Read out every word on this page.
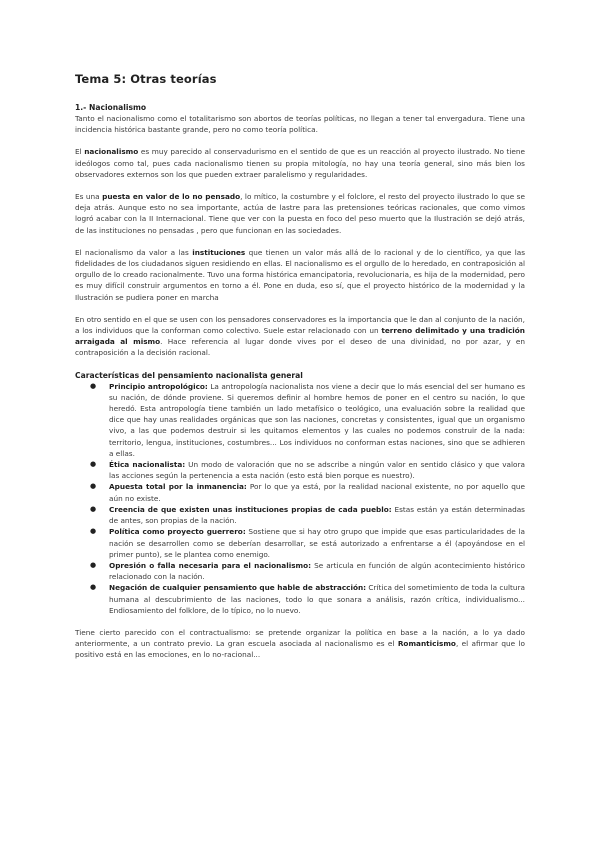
Tema 5: Otras teorías
1.- Nacionalismo

Tanto el nacionalismo como el totalitarismo son abortos de teorías políticas, no llegan a tener tal envergadura. Tiene una incidencia histórica bastante grande, pero no como teoría política.

El nacionalismo es muy parecido al conservadurismo en el sentido de que es un reacción al proyecto ilustrado. No tiene ideólogos como tal, pues cada nacionalismo tienen su propia mitología, no hay una teoría general, sino más bien los observadores externos son los que pueden extraer paralelismo y regularidades.

Es una puesta en valor de lo no pensado, lo mítico, la costumbre y el folclore, el resto del proyecto ilustrado lo que se deja atrás. Aunque esto no sea importante, actúa de lastre para las pretensiones teóricas racionales, que como vimos logró acabar con la II Internacional. Tiene que ver con la puesta en foco del peso muerto que la Ilustración se dejó atrás, de las instituciones no pensadas , pero que funcionan en las sociedades.

El nacionalismo da valor a las instituciones que tienen un valor más allá de lo racional y de lo científico, ya que las fidelidades de los ciudadanos siguen residiendo en ellas. El nacionalismo es el orgullo de lo heredado, en contraposición al orgullo de lo creado racionalmente. Tuvo una forma histórica emancipatoria, revolucionaria, es hija de la modernidad, pero es muy difícil construir argumentos en torno a él. Pone en duda, eso sí, que el proyecto histórico de la modernidad y la Ilustración se pudiera poner en marcha

En otro sentido en el que se usen con los pensadores conservadores es la importancia que le dan al conjunto de la nación, a los individuos que la conforman como colectivo. Suele estar relacionado con un terreno delimitado y una tradición arraigada al mismo. Hace referencia al lugar donde vives por el deseo de una divinidad, no por azar, y en contraposición a la decisión racional.

Características del pensamiento nacionalista general
● Principio antropológico: La antropología nacionalista nos viene a decir que lo más esencial del ser humano es su nación, de dónde proviene. Si queremos definir al hombre hemos de poner en el centro su nación, lo que heredó. Esta antropología tiene también un lado metafísico o teológico, una evaluación sobre la realidad que dice que hay unas realidades orgánicas que son las naciones, concretas y consistentes, igual que un organismo vivo, a las que podemos destruir si les quitamos elementos y las cuales no podemos construir de la nada: territorio, lengua, instituciones, costumbres... Los individuos no conforman estas naciones, sino que se adhieren a ellas.
● Ética nacionalista: Un modo de valoración que no se adscribe a ningún valor en sentido clásico y que valora las acciones según la pertenencia a esta nación (esto está bien porque es nuestro).
● Apuesta total por la inmanencia: Por lo que ya está, por la realidad nacional existente, no por aquello que aún no existe.
● Creencia de que existen unas instituciones propias de cada pueblo: Estas están ya están determinadas de antes, son propias de la nación.
● Política como proyecto guerrero: Sostiene que si hay otro grupo que impide que esas particularidades de la nación se desarrollen como se deberían desarrollar, se está autorizado a enfrentarse a él (apoyándose en el primer punto), se le plantea como enemigo.
● Opresión o falla necesaria para el nacionalismo: Se articula en función de algún acontecimiento histórico relacionado con la nación.
● Negación de cualquier pensamiento que hable de abstracción: Crítica del sometimiento de toda la cultura humana al descubrimiento de las naciones, todo lo que sonara a análisis, razón crítica, individualismo... Endiosamiento del folklore, de lo típico, no lo nuevo.

Tiene cierto parecido con el contractualismo: se pretende organizar la política en base a la nación, a lo ya dado anteriormente, a un contrato previo. La gran escuela asociada al nacionalismo es el Romanticismo, el afirmar que lo positivo está en las emociones, en lo no-racional...
